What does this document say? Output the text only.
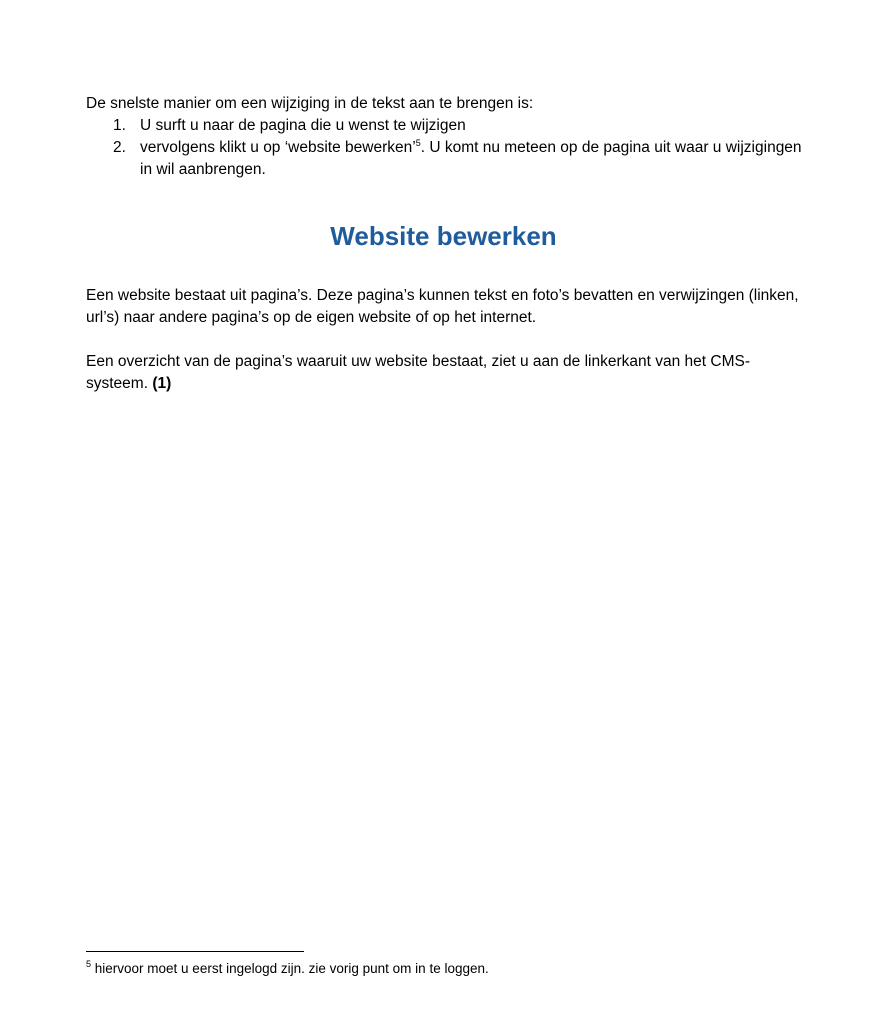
De snelste manier om een wijziging in de tekst aan te brengen is:

1. U surft u naar de pagina die u wenst te wijzigen
2. vervolgens klikt u op ‘website bewerken’$^5$. U komt nu meteen op de pagina uit waar u wijzigingen in wil aanbrengen.
Website bewerken

Een website bestaat uit pagina’s. Deze pagina’s kunnen tekst en foto’s bevatten en verwijzingen (linken, url’s) naar andere pagina’s op de eigen website of op het internet.

Een overzicht van de pagina’s waaruit uw website bestaat, ziet u aan de linkerkant van het CMS-systeem. (1)

$^5$ hiervoor moet u eerst ingelogd zijn. zie vorig punt om in te loggen.
